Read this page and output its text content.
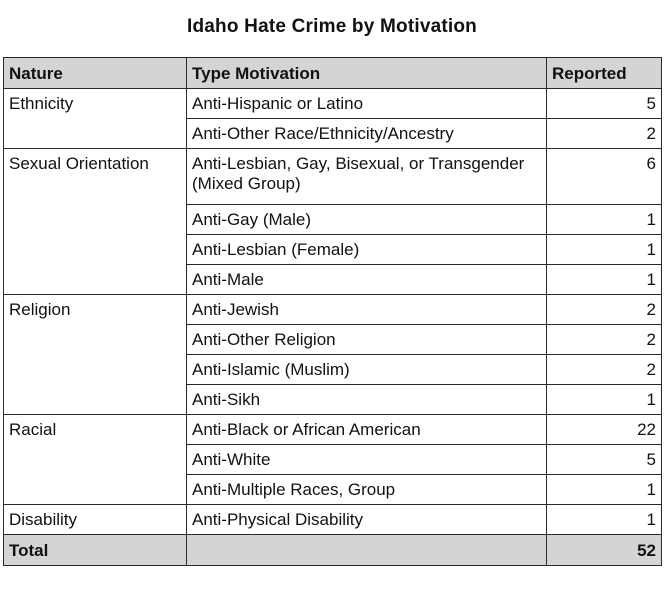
Idaho Hate Crime by Motivation
Nature	Type Motivation	Reported
Ethnicity	Anti-Hispanic or Latino	5
	Anti-Other Race/Ethnicity/Ancestry	2
Sexual Orientation	Anti-Lesbian, Gay, Bisexual, or Transgender (Mixed Group)	6
	Anti-Gay (Male)	1
	Anti-Lesbian (Female)	1
	Anti-Male	1
Religion	Anti-Jewish	2
	Anti-Other Religion	2
	Anti-Islamic (Muslim)	2
	Anti-Sikh	1
Racial	Anti-Black or African American	22
	Anti-White	5
	Anti-Multiple Races, Group	1
Disability	Anti-Physical Disability	1
Total		52
